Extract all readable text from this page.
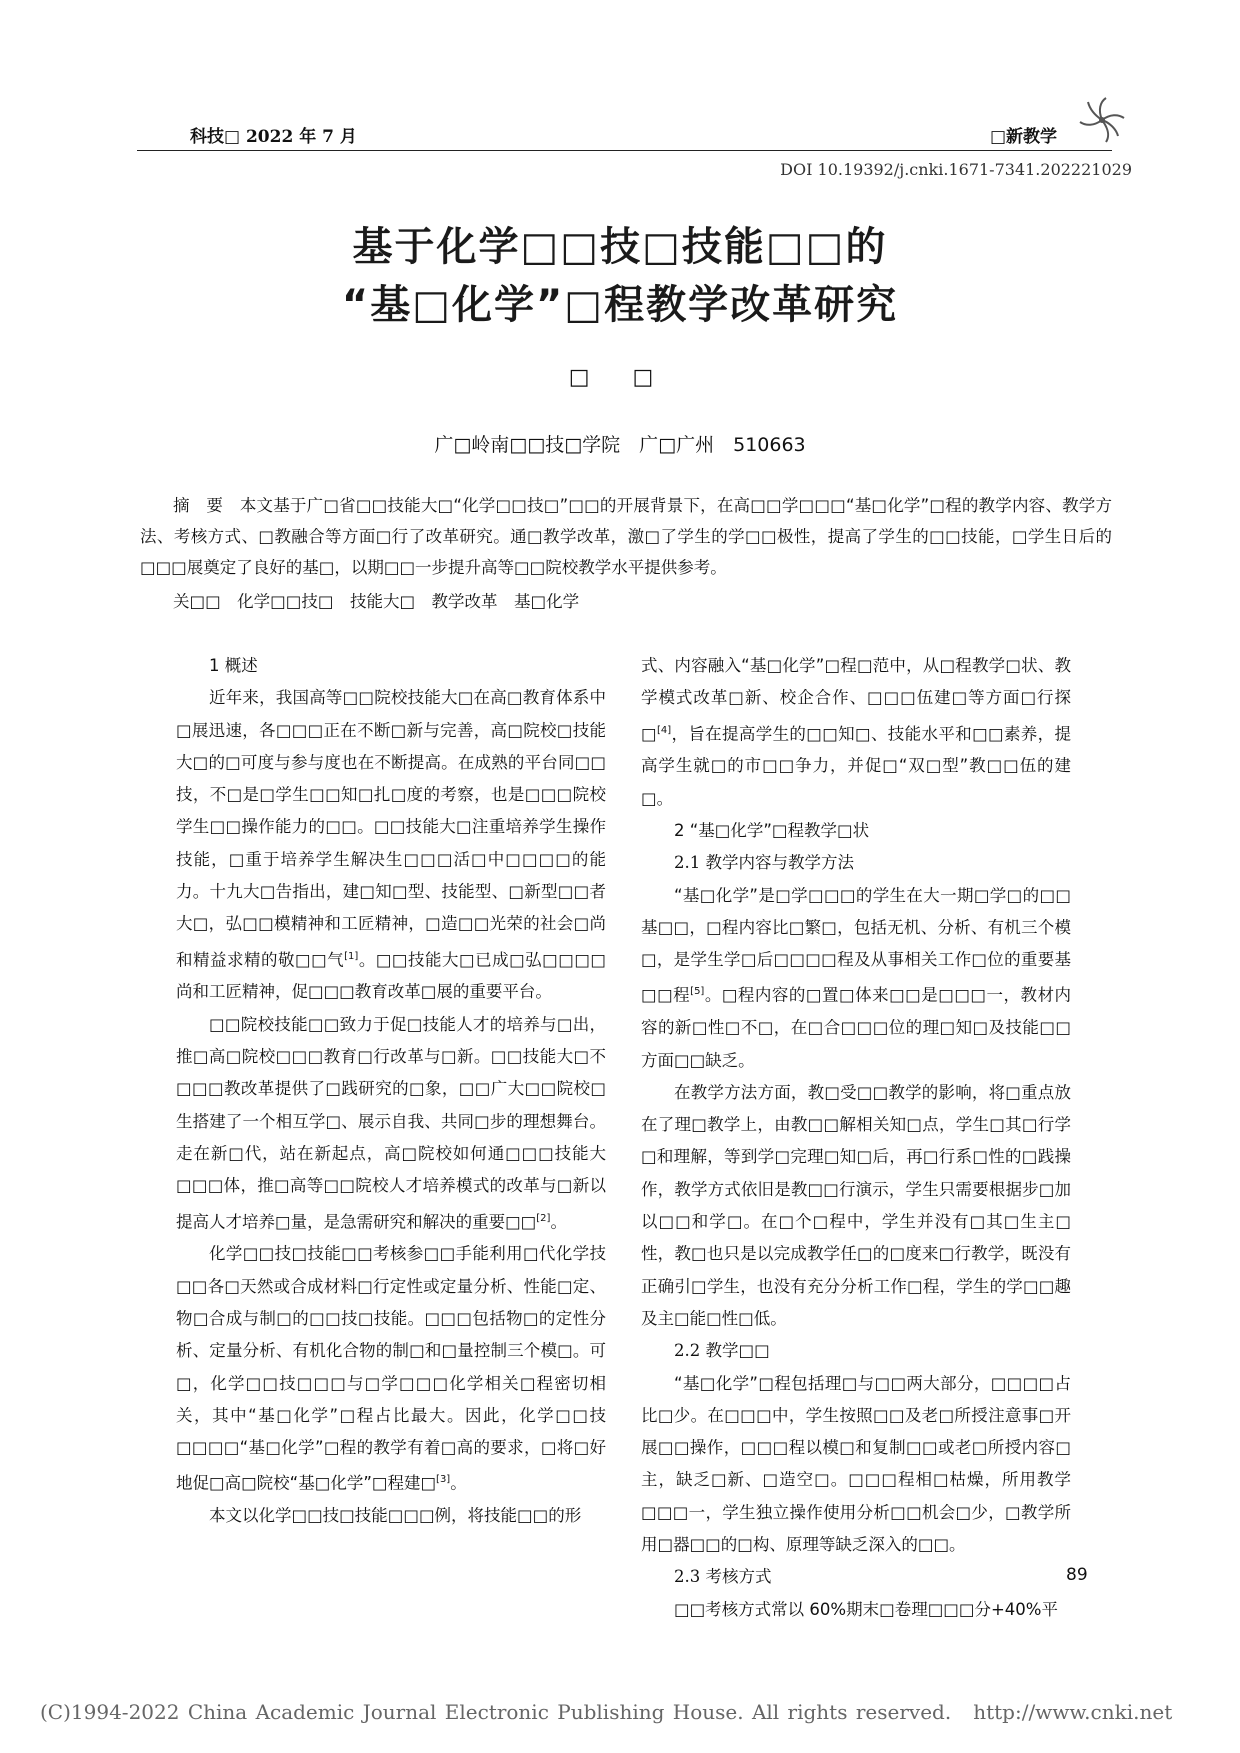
科技□ 2022 年 7 月	□新教学
DOI 10.19392/j.cnki.1671-7341.202221029
基于化学□□技□技能□□的
“基□化学”□程教学改革研究
□ □
广□岭南□□技□学院　广□广州　510663
摘　要　本文基于广□省□□技能大□“化学□□技□”□□的开展背景下，在高□□学□□□“基□化学”□程的教学内容、教学方法、考核方式、□教融合等方面□行了改革研究。通□教学改革，激□了学生的学□□极性，提高了学生的□□技能，□学生日后的□□□展奠定了良好的基□，以期□□一步提升高等□□院校教学水平提供参考。
关□□　化学□□技□　技能大□　教学改革　基□化学

1 概述

近年来，我国高等□□院校技能大□在高□教育体系中□展迅速，各□□□正在不断□新与完善，高□院校□技能大□的□可度与参与度也在不断提高。在成熟的平台同□□技，不□是□学生□□知□扎□度的考察，也是□□□院校学生□□操作能力的□□。□□技能大□注重培养学生操作技能，□重于培养学生解决生□□□活□中□□□□的能力。十九大□告指出，建□知□型、技能型、□新型□□者大□，弘□□模精神和工匠精神，□造□□光荣的社会□尚和精益求精的敬□□气[1]。□□技能大□已成□弘□□□□尚和工匠精神，促□□□教育改革□展的重要平台。

□□院校技能□□致力于促□技能人才的培养与□出，推□高□院校□□□教育□行改革与□新。□□技能大□不□□□教改革提供了□践研究的□象，□□广大□□院校□生搭建了一个相互学□、展示自我、共同□步的理想舞台。走在新□代，站在新起点，高□院校如何通□□□技能大□□□体，推□高等□□院校人才培养模式的改革与□新以提高人才培养□量，是急需研究和解决的重要□□[2]。

化学□□技□技能□□考核参□□手能利用□代化学技□□各□天然或合成材料□行定性或定量分析、性能□定、物□合成与制□的□□技□技能。□□□包括物□的定性分析、定量分析、有机化合物的制□和□量控制三个模□。可□，化学□□技□□□与□学□□□化学相关□程密切相关，其中“基□化学”□程占比最大。因此，化学□□技□□□□“基□化学”□程的教学有着□高的要求，□将□好地促□高□院校“基□化学”□程建□[3]。

本文以化学□□技□技能□□□例，将技能□□的形

式、内容融入“基□化学”□程□范中，从□程教学□状、教学模式改革□新、校企合作、□□□伍建□等方面□行探□[4]，旨在提高学生的□□知□、技能水平和□□素养，提高学生就□的市□□争力，并促□“双□型”教□□伍的建□。

2 “基□化学”□程教学□状

2.1 教学内容与教学方法

“基□化学”是□学□□□的学生在大一期□学□的□□基□□，□程内容比□繁□，包括无机、分析、有机三个模□，是学生学□后□□□□程及从事相关工作□位的重要基□□程[5]。□程内容的□置□体来□□是□□□一，教材内容的新□性□不□，在□合□□□位的理□知□及技能□□方面□□缺乏。

在教学方法方面，教□受□□教学的影响，将□重点放在了理□教学上，由教□□解相关知□点，学生□其□行学□和理解，等到学□完理□知□后，再□行系□性的□践操作，教学方式依旧是教□□行演示，学生只需要根据步□加以□□和学□。在□个□程中，学生并没有□其□生主□性，教□也只是以完成教学任□的□度来□行教学，既没有正确引□学生，也没有充分分析工作□程，学生的学□□趣及主□能□性□低。

2.2 教学□□

“基□化学”□程包括理□与□□两大部分，□□□□占比□少。在□□□中，学生按照□□及老□所授注意事□开展□□操作，□□□程以模□和复制□□或老□所授内容□主，缺乏□新、□造空□。□□□程相□枯燥，所用教学□□□一，学生独立操作使用分析□□机会□少，□教学所用□器□□的□构、原理等缺乏深入的□□。

2.3 考核方式

□□考核方式常以 60%期末□卷理□□□分+40%平

89
(C)1994-2022 China Academic Journal Electronic Publishing House. All rights reserved. http://www.cnki.net
